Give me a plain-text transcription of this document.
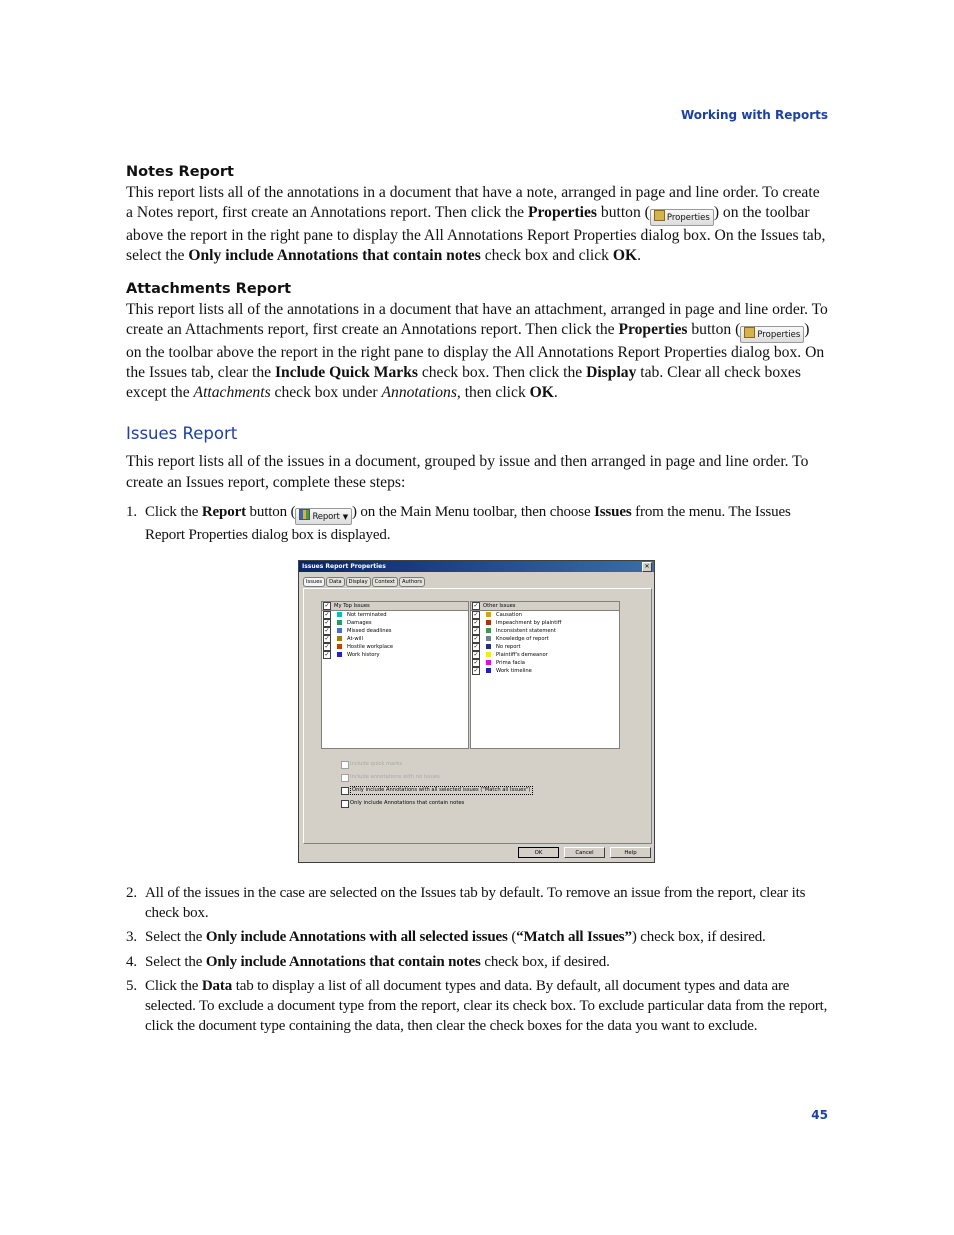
Working with Reports
Notes Report

This report lists all of the annotations in a document that have a note, arranged in page and line order. To create a Notes report, first create an Annotations report. Then click the Properties button ( Properties ) on the toolbar above the report in the right pane to display the All Annotations Report Properties dialog box. On the Issues tab, select the Only include Annotations that contain notes check box and click OK.

Attachments Report

This report lists all of the annotations in a document that have an attachment, arranged in page and line order. To create an Attachments report, first create an Annotations report. Then click the Properties button ( Properties ) on the toolbar above the report in the right pane to display the All Annotations Report Properties dialog box. On the Issues tab, clear the Include Quick Marks check box. Then click the Display tab. Clear all check boxes except the Attachments check box under Annotations, then click OK.

Issues Report

This report lists all of the issues in a document, grouped by issue and then arranged in page and line order. To create an Issues report, complete these steps:

1. Click the Report button ( Report ▼ ) on the Main Menu toolbar, then choose Issues from the menu. The Issues Report Properties dialog box is displayed.
Issues Report Properties	✕
Issues	Data	Display	Context	Authors
✓ My Top Issues
✓	Not terminated
✓	Damages
✓	Missed deadlines
✓	At-will
✓	Hostile workplace
✓	Work history
✓ Other Issues
✓	Causation
✓	Impeachment by plaintiff
✓	Inconsistent statement
✓	Knowledge of report
✓	No report
✓	Plaintiff's demeanor
✓	Prima facia
✓	Work timeline
Include quick marks
Include annotations with no issues
Only include Annotations with all selected issues ("Match all Issues")
Only include Annotations that contain notes
OK	Cancel	Help
2. All of the issues in the case are selected on the Issues tab by default. To remove an issue from the report, clear its check box.
3. Select the Only include Annotations with all selected issues (“Match all Issues”) check box, if desired.
4. Select the Only include Annotations that contain notes check box, if desired.
5. Click the Data tab to display a list of all document types and data. By default, all document types and data are selected. To exclude a document type from the report, clear its check box. To exclude particular data from the report, click the document type containing the data, then clear the check boxes for the data you want to exclude.
45
